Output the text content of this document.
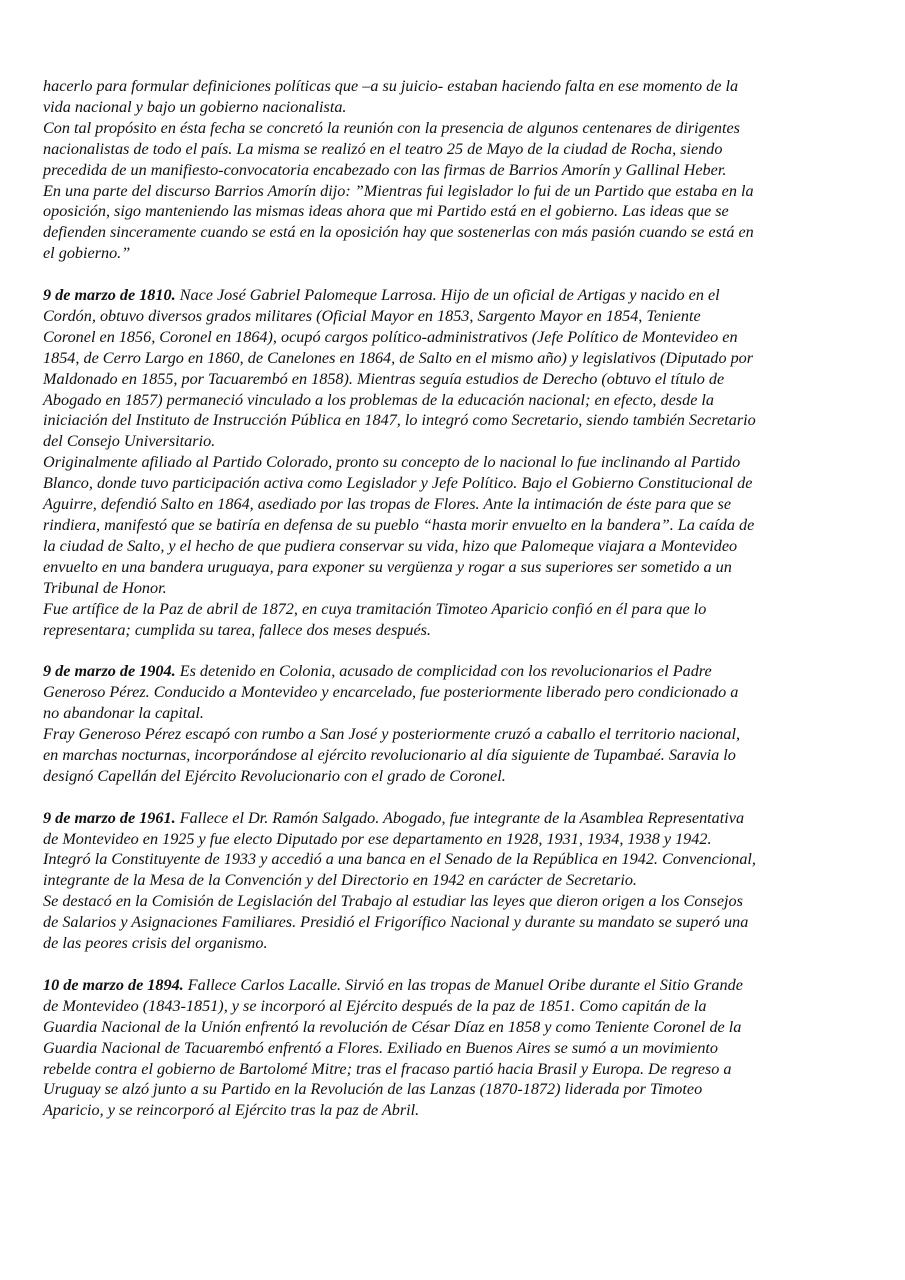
hacerlo para formular definiciones políticas que –a su juicio- estaban haciendo falta en ese momento de la
vida nacional y bajo un gobierno nacionalista.

Con tal propósito en ésta fecha se concretó la reunión con la presencia de algunos centenares de dirigentes
nacionalistas de todo el país. La misma se realizó en el teatro 25 de Mayo de la ciudad de Rocha, siendo
precedida de un manifiesto-convocatoria encabezado con las firmas de Barrios Amorín y Gallinal Heber.

En una parte del discurso Barrios Amorín dijo: ”Mientras fui legislador lo fui de un Partido que estaba en la
oposición, sigo manteniendo las mismas ideas ahora que mi Partido está en el gobierno. Las ideas que se
defienden sinceramente cuando se está en la oposición hay que sostenerlas con más pasión cuando se está en
el gobierno.”

9 de marzo de 1810. Nace José Gabriel Palomeque Larrosa. Hijo de un oficial de Artigas y nacido en el
Cordón, obtuvo diversos grados militares (Oficial Mayor en 1853, Sargento Mayor en 1854, Teniente
Coronel en 1856, Coronel en 1864), ocupó cargos político-administrativos (Jefe Político de Montevideo en
1854, de Cerro Largo en 1860, de Canelones en 1864, de Salto en el mismo año) y legislativos (Diputado por
Maldonado en 1855, por Tacuarembó en 1858). Mientras seguía estudios de Derecho (obtuvo el título de
Abogado en 1857) permaneció vinculado a los problemas de la educación nacional; en efecto, desde la
iniciación del Instituto de Instrucción Pública en 1847, lo integró como Secretario, siendo también Secretario
del Consejo Universitario.

Originalmente afiliado al Partido Colorado, pronto su concepto de lo nacional lo fue inclinando al Partido
Blanco, donde tuvo participación activa como Legislador y Jefe Político. Bajo el Gobierno Constitucional de
Aguirre, defendió Salto en 1864, asediado por las tropas de Flores. Ante la intimación de éste para que se
rindiera, manifestó que se batiría en defensa de su pueblo “hasta morir envuelto en la bandera”. La caída de
la ciudad de Salto, y el hecho de que pudiera conservar su vida, hizo que Palomeque viajara a Montevideo
envuelto en una bandera uruguaya, para exponer su vergüenza y rogar a sus superiores ser sometido a un
Tribunal de Honor.

Fue artífice de la Paz de abril de 1872, en cuya tramitación Timoteo Aparicio confió en él para que lo
representara; cumplida su tarea, fallece dos meses después.

9 de marzo de 1904. Es detenido en Colonia, acusado de complicidad con los revolucionarios el Padre
Generoso Pérez. Conducido a Montevideo y encarcelado, fue posteriormente liberado pero condicionado a
no abandonar la capital.

Fray Generoso Pérez escapó con rumbo a San José y posteriormente cruzó a caballo el territorio nacional,
en marchas nocturnas, incorporándose al ejército revolucionario al día siguiente de Tupambaé. Saravia lo
designó Capellán del Ejército Revolucionario con el grado de Coronel.

9 de marzo de 1961. Fallece el Dr. Ramón Salgado. Abogado, fue integrante de la Asamblea Representativa
de Montevideo en 1925 y fue electo Diputado por ese departamento en 1928, 1931, 1934, 1938 y 1942.
Integró la Constituyente de 1933 y accedió a una banca en el Senado de la República en 1942. Convencional,
integrante de la Mesa de la Convención y del Directorio en 1942 en carácter de Secretario.

Se destacó en la Comisión de Legislación del Trabajo al estudiar las leyes que dieron origen a los Consejos
de Salarios y Asignaciones Familiares. Presidió el Frigorífico Nacional y durante su mandato se superó una
de las peores crisis del organismo.

10 de marzo de 1894. Fallece Carlos Lacalle. Sirvió en las tropas de Manuel Oribe durante el Sitio Grande
de Montevideo (1843-1851), y se incorporó al Ejército después de la paz de 1851. Como capitán de la
Guardia Nacional de la Unión enfrentó la revolución de César Díaz en 1858 y como Teniente Coronel de la
Guardia Nacional de Tacuarembó enfrentó a Flores. Exiliado en Buenos Aires se sumó a un movimiento
rebelde contra el gobierno de Bartolomé Mitre; tras el fracaso partió hacia Brasil y Europa. De regreso a
Uruguay se alzó junto a su Partido en la Revolución de las Lanzas (1870-1872) liderada por Timoteo
Aparicio, y se reincorporó al Ejército tras la paz de Abril.
